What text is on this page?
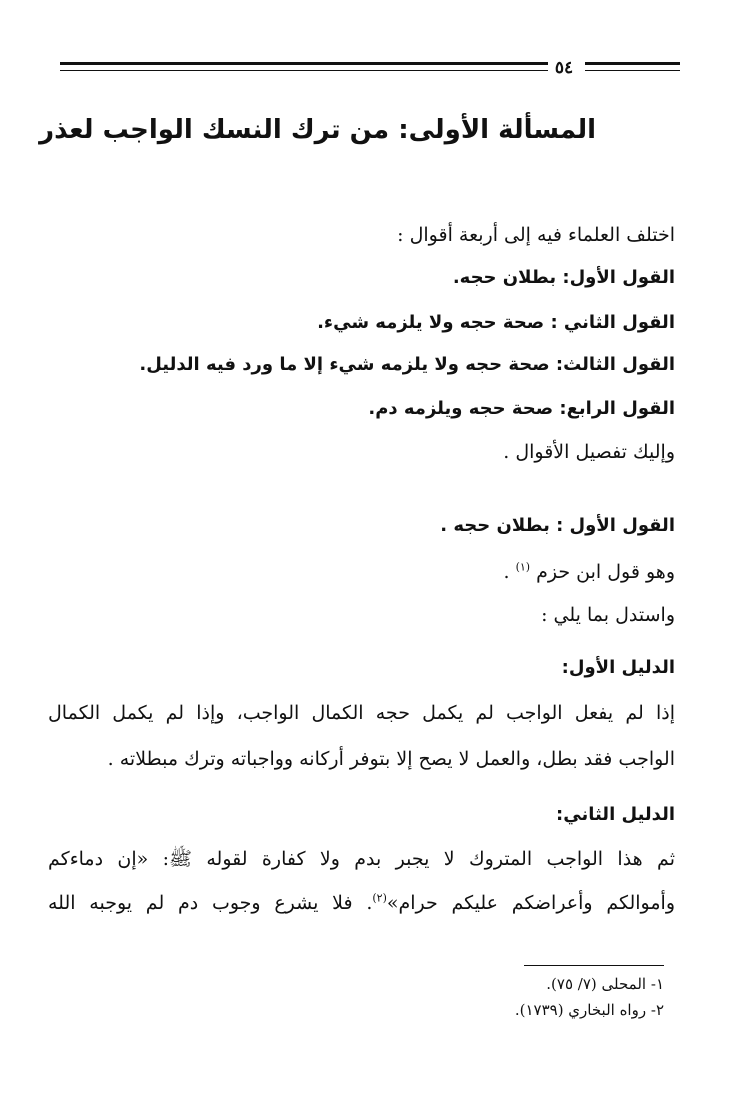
٥٤
المسألة الأولى: من ترك النسك الواجب لعذر
اختلف العلماء فيه إلى أربعة أقوال :
القول الأول: بطلان حجه.
القول الثاني : صحة حجه ولا يلزمه شيء.
القول الثالث: صحة حجه ولا يلزمه شيء إلا ما ورد فيه الدليل.
القول الرابع: صحة حجه ويلزمه دم.
وإليك تفصيل الأقوال .
القول الأول : بطلان حجه .
وهو قول ابن حزم $^{(١)}$ .
واستدل بما يلي :
الدليل الأول:
إذا لم يفعل الواجب لم يكمل حجه الكمال الواجب، وإذا لم يكمل الكمال
الواجب فقد بطل، والعمل لا يصح إلا بتوفر أركانه وواجباته وترك مبطلاته .
الدليل الثاني:
ثم هذا الواجب المتروك لا يجبر بدم ولا كفارة لقوله ﷺ: «إن دماءكم
وأموالكم وأعراضكم عليكم حرام»$^{(٢)}$. فلا يشرع وجوب دم لم يوجبه الله
١- المحلى (٧/ ٧٥).
٢- رواه البخاري (١٧٣٩).
